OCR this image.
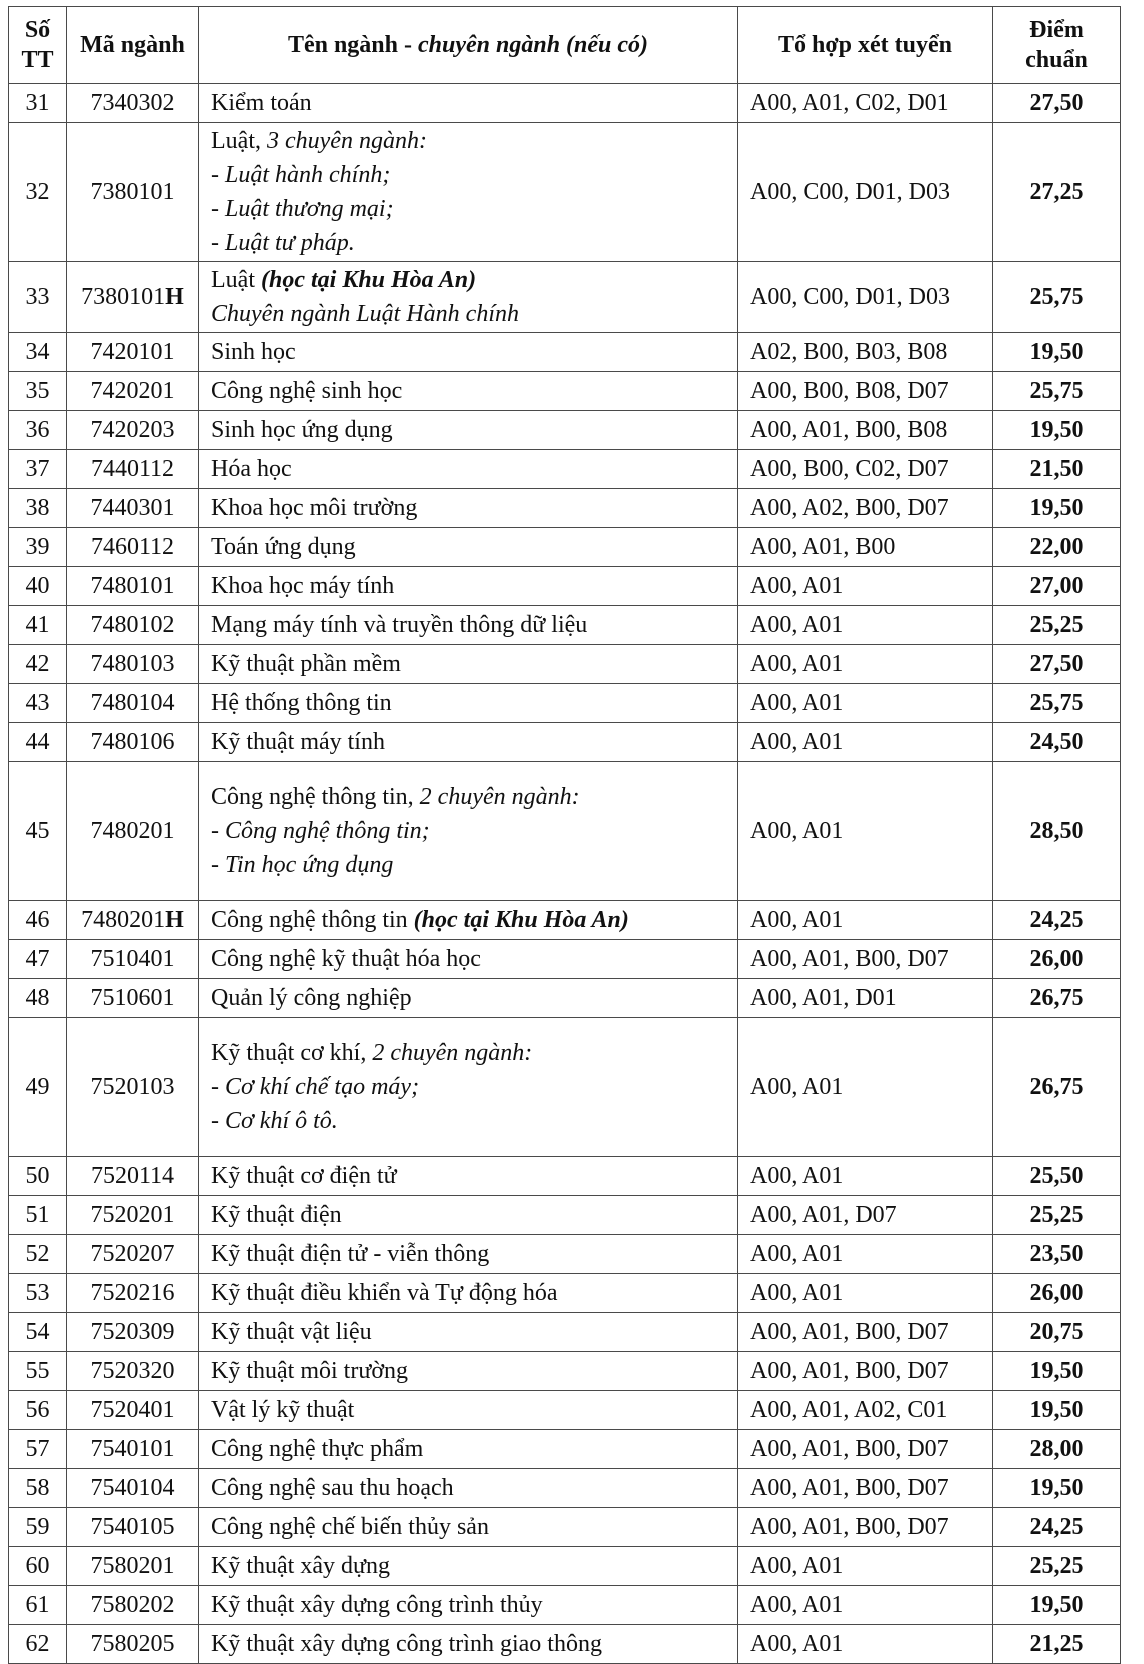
Số
TT	Mã ngành	Tên ngành - chuyên ngành (nếu có)	Tổ hợp xét tuyển	Điểm
chuẩn
31	7340302	Kiểm toán	A00, A01, C02, D01	27,50
32	7380101	Luật, 3 chuyên ngành:
- Luật hành chính;
- Luật thương mại;
- Luật tư pháp.	A00, C00, D01, D03	27,25
33	7380101H	Luật (học tại Khu Hòa An)
Chuyên ngành Luật Hành chính	A00, C00, D01, D03	25,75
34	7420101	Sinh học	A02, B00, B03, B08	19,50
35	7420201	Công nghệ sinh học	A00, B00, B08, D07	25,75
36	7420203	Sinh học ứng dụng	A00, A01, B00, B08	19,50
37	7440112	Hóa học	A00, B00, C02, D07	21,50
38	7440301	Khoa học môi trường	A00, A02, B00, D07	19,50
39	7460112	Toán ứng dụng	A00, A01, B00	22,00
40	7480101	Khoa học máy tính	A00, A01	27,00
41	7480102	Mạng máy tính và truyền thông dữ liệu	A00, A01	25,25
42	7480103	Kỹ thuật phần mềm	A00, A01	27,50
43	7480104	Hệ thống thông tin	A00, A01	25,75
44	7480106	Kỹ thuật máy tính	A00, A01	24,50
45	7480201	Công nghệ thông tin, 2 chuyên ngành:
- Công nghệ thông tin;
- Tin học ứng dụng	A00, A01	28,50
46	7480201H	Công nghệ thông tin (học tại Khu Hòa An)	A00, A01	24,25
47	7510401	Công nghệ kỹ thuật hóa học	A00, A01, B00, D07	26,00
48	7510601	Quản lý công nghiệp	A00, A01, D01	26,75
49	7520103	Kỹ thuật cơ khí, 2 chuyên ngành:
- Cơ khí chế tạo máy;
- Cơ khí ô tô.	A00, A01	26,75
50	7520114	Kỹ thuật cơ điện tử	A00, A01	25,50
51	7520201	Kỹ thuật điện	A00, A01, D07	25,25
52	7520207	Kỹ thuật điện tử - viễn thông	A00, A01	23,50
53	7520216	Kỹ thuật điều khiển và Tự động hóa	A00, A01	26,00
54	7520309	Kỹ thuật vật liệu	A00, A01, B00, D07	20,75
55	7520320	Kỹ thuật môi trường	A00, A01, B00, D07	19,50
56	7520401	Vật lý kỹ thuật	A00, A01, A02, C01	19,50
57	7540101	Công nghệ thực phẩm	A00, A01, B00, D07	28,00
58	7540104	Công nghệ sau thu hoạch	A00, A01, B00, D07	19,50
59	7540105	Công nghệ chế biến thủy sản	A00, A01, B00, D07	24,25
60	7580201	Kỹ thuật xây dựng	A00, A01	25,25
61	7580202	Kỹ thuật xây dựng công trình thủy	A00, A01	19,50
62	7580205	Kỹ thuật xây dựng công trình giao thông	A00, A01	21,25
